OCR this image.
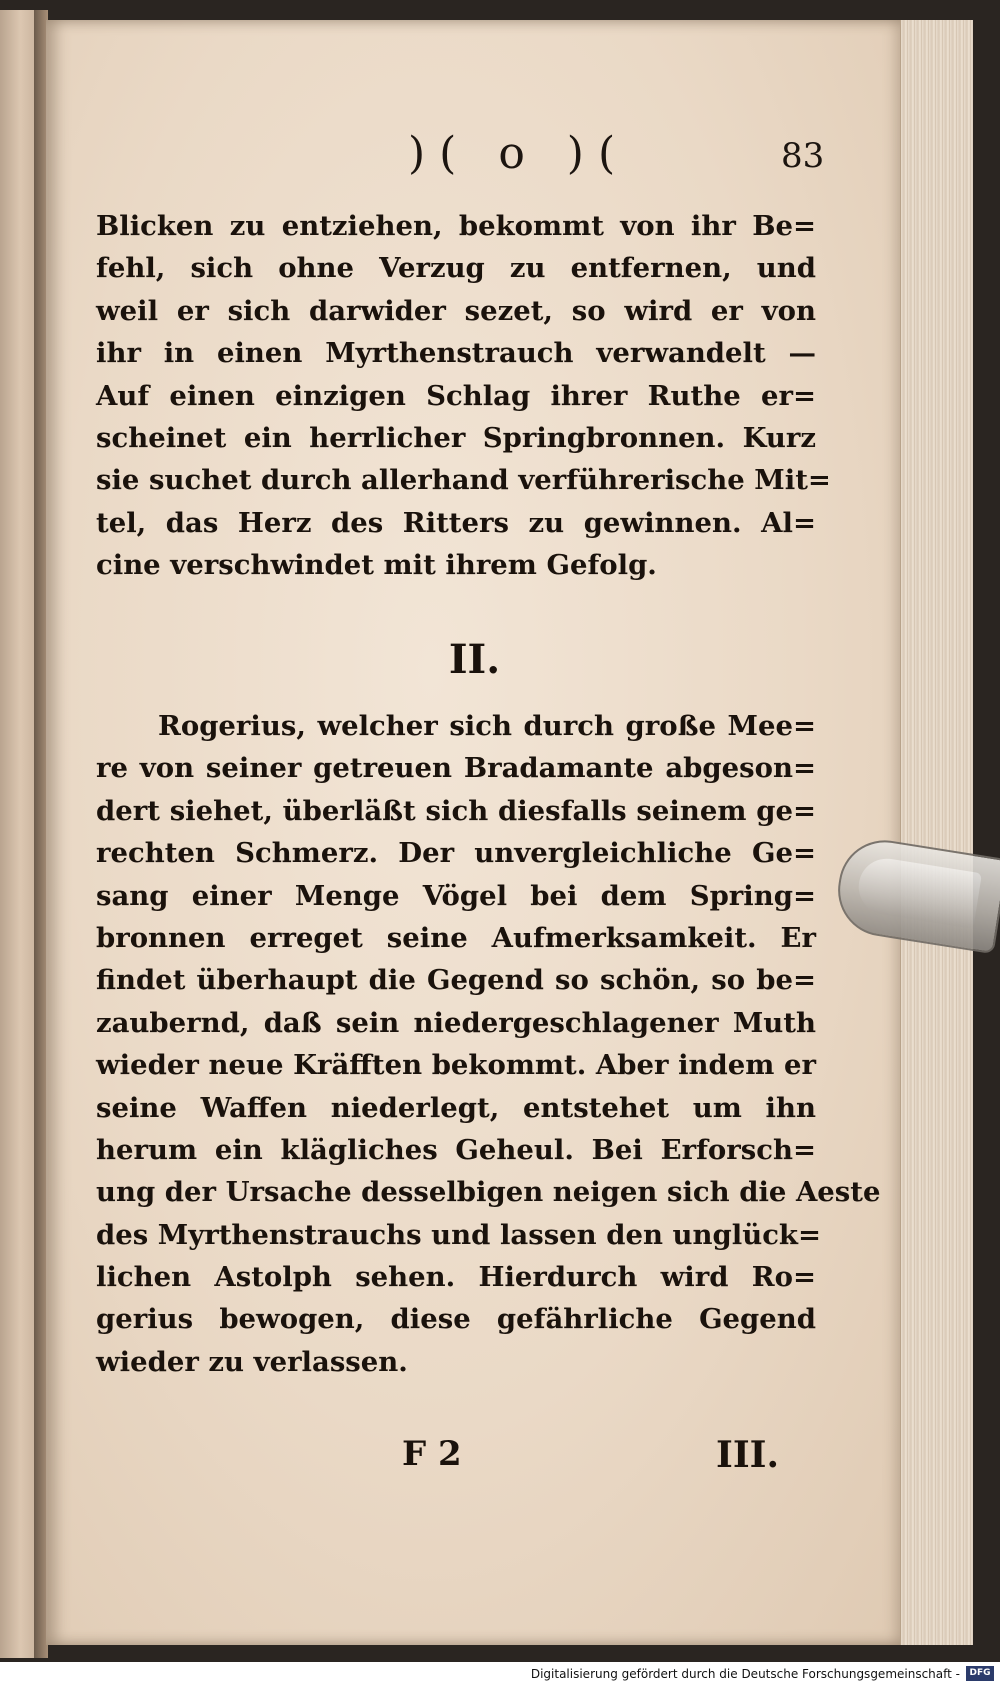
)( o )(	83
Blicken zu entziehen, bekommt von ihr Be=
fehl, sich ohne Verzug zu entfernen, und
weil er sich darwider sezet, so wird er von
ihr in einen Myrthenstrauch verwandelt —
Auf einen einzigen Schlag ihrer Ruthe er=
scheinet ein herrlicher Springbronnen. Kurz
sie suchet durch allerhand verführerische Mit=
tel, das Herz des Ritters zu gewinnen. Al=
cine verschwindet mit ihrem Gefolg.
II.
Rogerius, welcher sich durch große Mee=
re von seiner getreuen Bradamante abgeson=
dert siehet, überläßt sich diesfalls seinem ge=
rechten Schmerz. Der unvergleichliche Ge=
sang einer Menge Vögel bei dem Spring=
bronnen erreget seine Aufmerksamkeit. Er
findet überhaupt die Gegend so schön, so be=
zaubernd, daß sein niedergeschlagener Muth
wieder neue Kräfften bekommt. Aber indem er
seine Waffen niederlegt, entstehet um ihn
herum ein klägliches Geheul. Bei Erforsch=
ung der Ursache desselbigen neigen sich die Aeste
des Myrthenstrauchs und lassen den unglück=
lichen Astolph sehen. Hierdurch wird Ro=
gerius bewogen, diese gefährliche Gegend
wieder zu verlassen.
F 2	III.
Digitalisierung gefördert durch die Deutsche Forschungsgemeinschaft -	DFG
